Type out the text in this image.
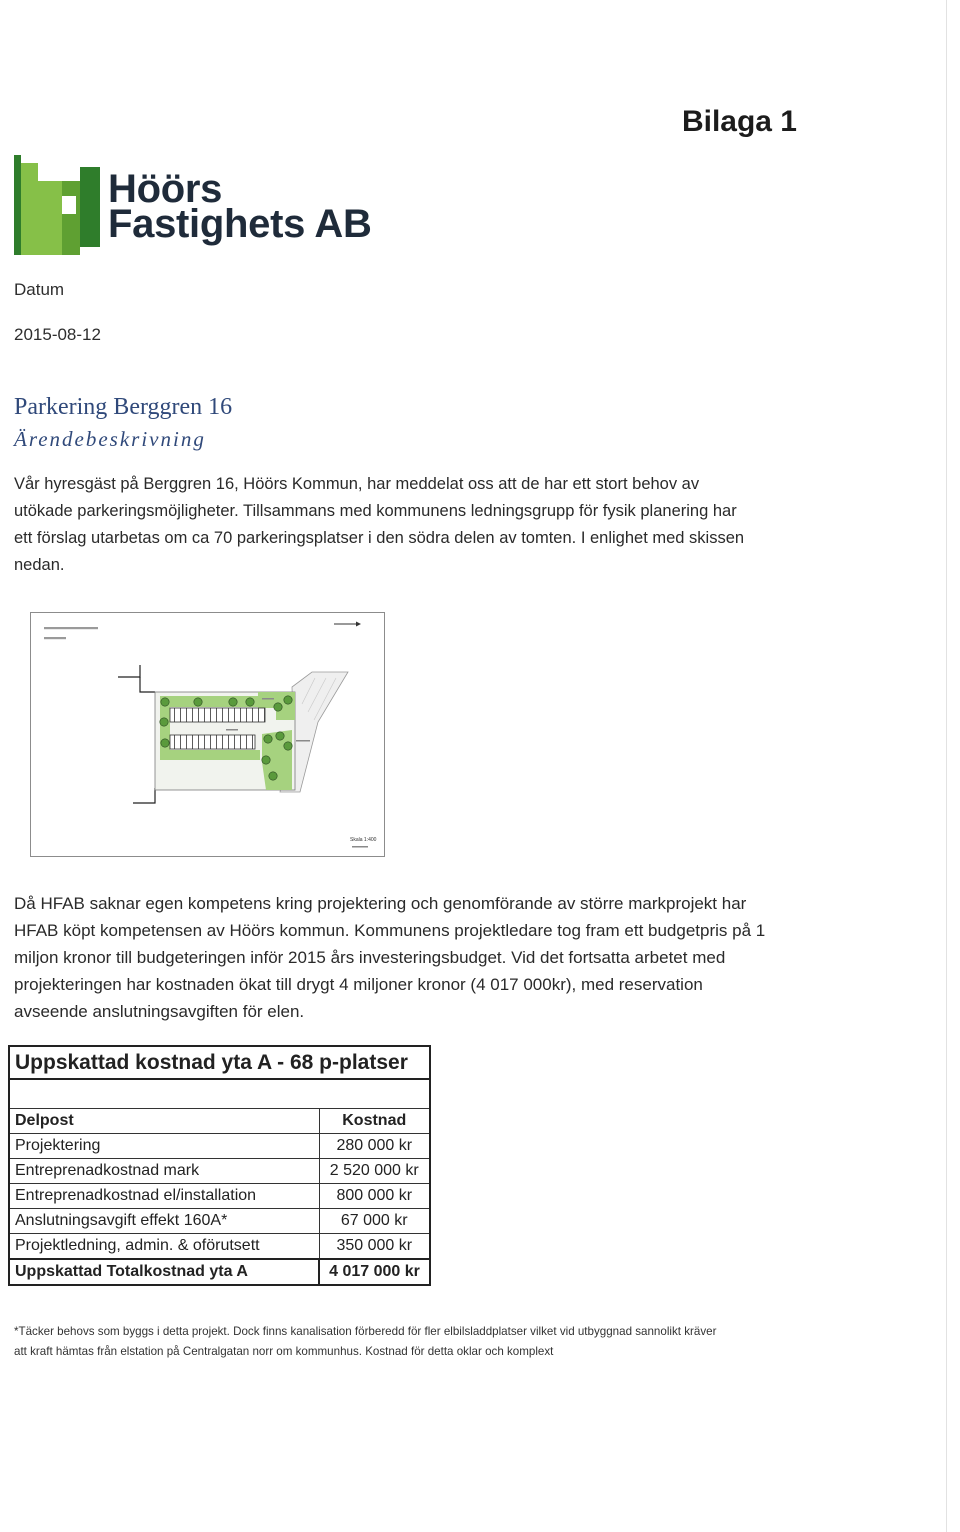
Bilaga 1
Höörs
Fastighets AB
Datum
2015-08-12
Parkering Berggren 16
Ärendebeskrivning
Vår hyresgäst på Berggren 16, Höörs Kommun, har meddelat oss att de har ett stort behov av
utökade parkeringsmöjligheter. Tillsammans med kommunens ledningsgrupp för fysik planering har
ett förslag utarbetas om ca 70 parkeringsplatser i den södra delen av tomten. I enlighet med skissen
nedan.
Skala 1:400
Då HFAB saknar egen kompetens kring projektering och genomförande av större markprojekt har
HFAB köpt kompetensen av Höörs kommun. Kommunens projektledare tog fram ett budgetpris på 1
miljon kronor till budgeteringen inför 2015 års investeringsbudget. Vid det fortsatta arbetet med
projekteringen har kostnaden ökat till drygt 4 miljoner kronor (4 017 000kr), med reservation
avseende anslutningsavgiften för elen.
Uppskattad kostnad yta A - 68 p-platser	

Delpost	Kostnad
Projektering	280 000 kr
Entreprenadkostnad mark	2 520 000 kr
Entreprenadkostnad el/installation	800 000 kr
Anslutningsavgift effekt 160A*	67 000 kr
Projektledning, admin. & oförutsett	350 000 kr
Uppskattad Totalkostnad yta A	4 017 000 kr
*Täcker behovs som byggs i detta projekt. Dock finns kanalisation förberedd för fler elbilsladdplatser vilket vid utbyggnad sannolikt kräver
att kraft hämtas från elstation på Centralgatan norr om kommunhus. Kostnad för detta oklar och komplext
